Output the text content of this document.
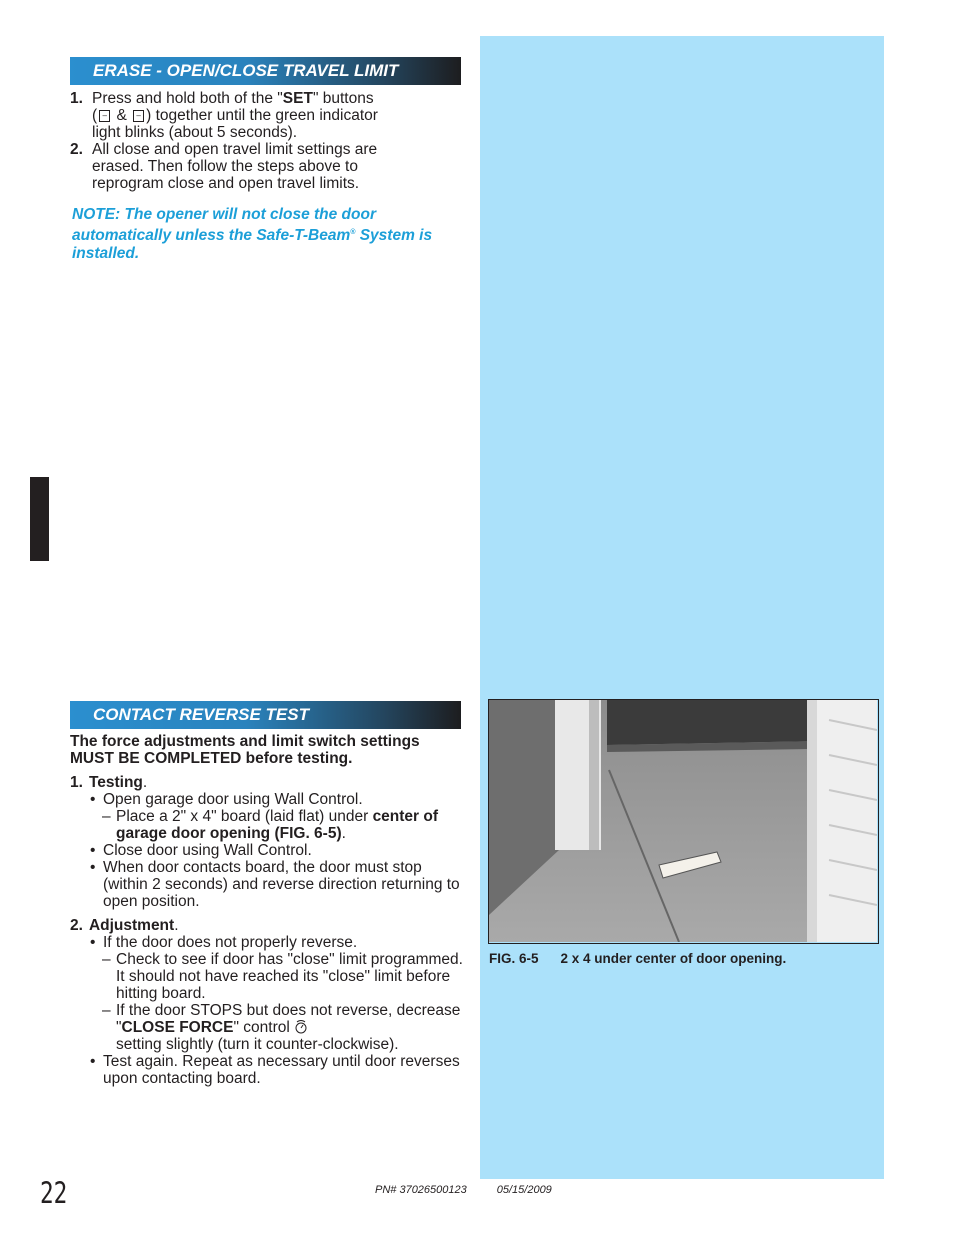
ERASE - OPEN/CLOSE TRAVEL LIMIT
1. Press and hold both of the "SET" buttons
( – & – ) together until the green indicator
light blinks (about 5 seconds).
2. All close and open travel limit settings are erased. Then follow the steps above to reprogram close and open travel limits.
NOTE: The opener will not close the door automatically unless the Safe-T-Beam® System is installed.
CONTACT REVERSE TEST
The force adjustments and limit switch settings MUST BE COMPLETED before testing.
1. Testing.
• Open garage door using Wall Control.
– Place a 2" x 4" board (laid flat) under center of garage door opening (FIG. 6-5).
• Close door using Wall Control.
• When door contacts board, the door must stop (within 2 seconds) and reverse direction returning to open position.
2. Adjustment.
• If the door does not properly reverse.
– Check to see if door has "close" limit programmed. It should not have reached its "close" limit before hitting board.
– If the door STOPS but does not reverse, decrease "CLOSE FORCE" control
setting slightly (turn it counter-clockwise).
• Test again. Repeat as necessary until door reverses upon contacting board.
FIG. 6-5 2 x 4 under center of door opening.
22	PN# 37026500123	05/15/2009
